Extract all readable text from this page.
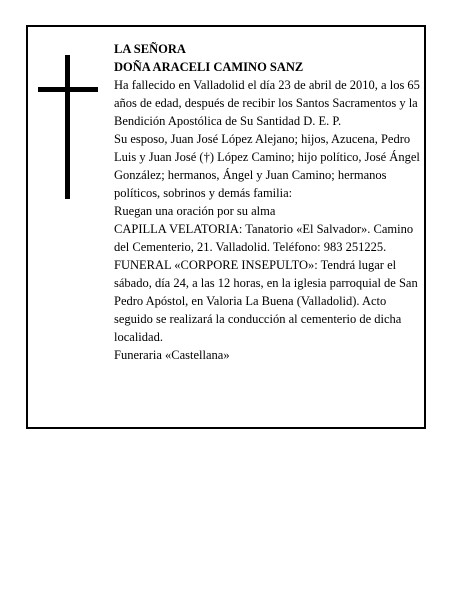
LA SEÑORA

DOÑA ARACELI CAMINO SANZ

Ha fallecido en Valladolid el día 23 de abril de 2010, a los 65 años de edad, después de recibir los Santos Sacramentos y la Bendición Apostólica de Su Santidad D. E. P.

Su esposo, Juan José López Alejano; hijos, Azucena, Pedro Luis y Juan José (†) López Camino; hijo político, José Ángel González; hermanos, Ángel y Juan Camino; hermanos políticos, sobrinos y demás familia:

Ruegan una oración por su alma

CAPILLA VELATORIA: Tanatorio «El Salvador». Camino del Cementerio, 21. Valladolid. Teléfono: 983 251225.

FUNERAL «CORPORE INSEPULTO»: Tendrá lugar el sábado, día 24, a las 12 horas, en la iglesia parroquial de San Pedro Apóstol, en Valoria La Buena (Valladolid). Acto seguido se realizará la conducción al cementerio de dicha localidad.

Funeraria «Castellana»
